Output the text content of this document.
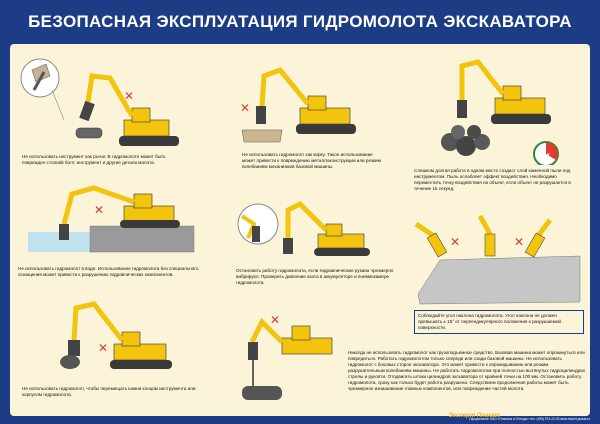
БЕЗОПАСНАЯ ЭКСПЛУАТАЦИЯ ГИДРОМОЛОТА ЭКСКАВАТОРА
✕
Не использовать инструмент как рычаг. В гидромолоте может быть поврежден стоповй болт, инструмент и другие детали молота.
✕
Не использовать гидромолот как кирку. Такое использование может привести к повреждению металлоконструкции или резким колебаниям механизмов базовой машины.
max
Слишком долгая работа в одном месте создаст слой каменной пыли под инструментом. Пыль ослабляет эффект воздействия. Необходимо переместить точку воздействия на объект, если объект не разрушается в течение 15 секунд.
✕
Не использовать гидромолот в воде. Использование гидромолота без специального оснащения может привести к разрушению гидравлических компонентов.
Остановить работу гидромолота, если гидравлические рукава чрезмерно вибрируют. Проверить давление азота в аккумуляторе и пневмокамере гидромолота.
✕
✕
Соблюдайте угол наклона гидромолота. Угол наклона не должен превышать ± 15° от перпендикулярного положения к разрушаемой поверхности.
✕
Не использовать гидромолот, чтобы перемещать камни концом инструмента или корпусом гидромолота.
✕
Никогда не использовать гидромолот как грузоподъемное средство. Базовая машина может опрокинуться или повредиться. Работать гидромолотом только спереди или сзади базовой машины. Не использовать гидромолот с боковых сторон экскаватора. Это может привести к опрокидыванию или резким разрушительным колебаниям машины. Не работать гидромолотом при полностью вытянутых гидроцилиндрах стрелы и рукояти. Отодвигать штоки цилиндров экскаватора от крайней точки на 100 мм. Остановить работу гидромолота, сразу как только будет работа разрушена. Следствием продолжения работы может быть чрезмерное изнашивание главных компонентов, или повреждение частей молота.
Эксперт Плакат
Оформление ОАО «Плакаты и Стенды» тел. (495) 974-22-03 www.expert-plakat.ru
